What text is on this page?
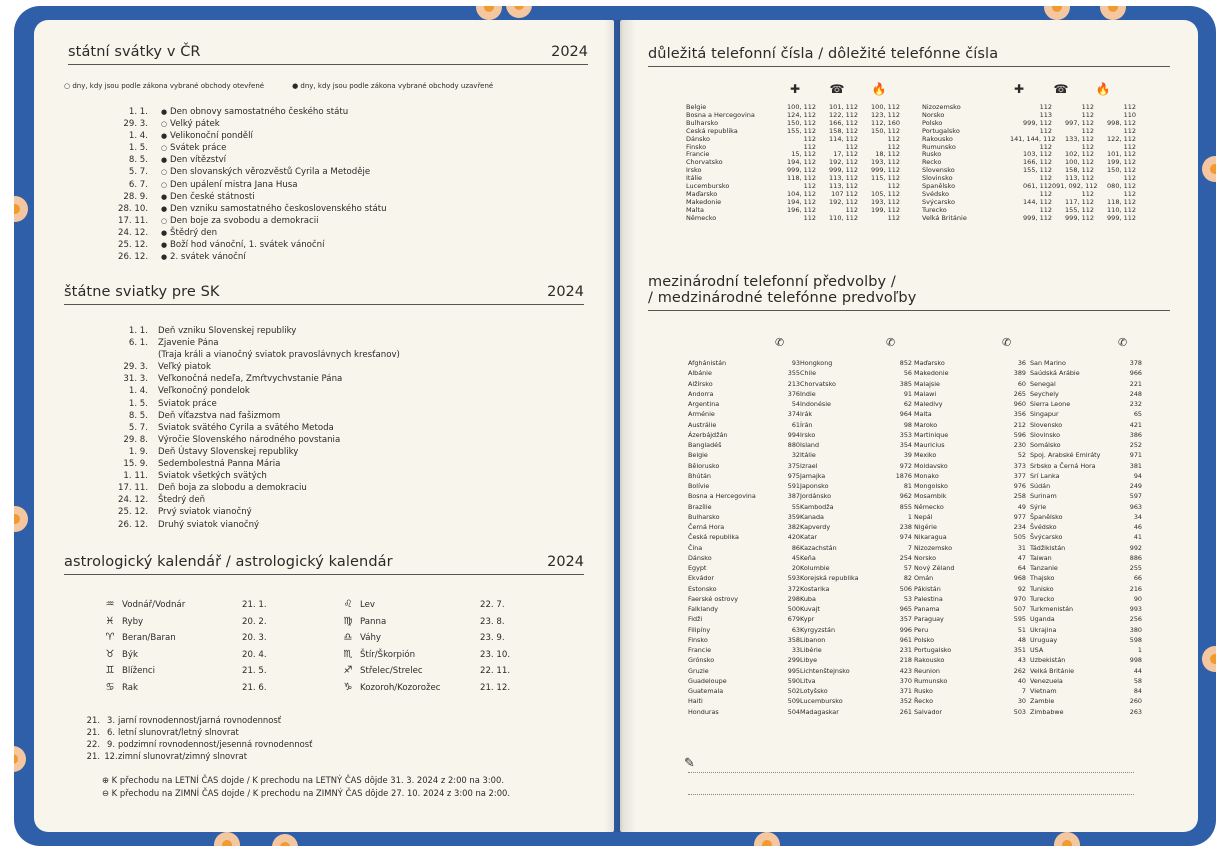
státní svátky v ČR	2024
○ dny, kdy jsou podle zákona vybrané obchody otevřené	● dny, kdy jsou podle zákona vybrané obchody uzavřené
1. 1.	● Den obnovy samostatného českého státu
29. 3.	○ Velký pátek
1. 4.	● Velikonoční pondělí
1. 5.	○ Svátek práce
8. 5.	● Den vítězství
5. 7.	○ Den slovanských věrozvěstů Cyrila a Metoděje
6. 7.	○ Den upálení mistra Jana Husa
28. 9.	● Den české státnosti
28. 10.	● Den vzniku samostatného československého státu
17. 11.	○ Den boje za svobodu a demokracii
24. 12.	● Štědrý den
25. 12.	● Boží hod vánoční, 1. svátek vánoční
26. 12.	● 2. svátek vánoční
štátne sviatky pre SK	2024
1. 1.	Deň vzniku Slovenskej republiky
6. 1.	Zjavenie Pána
(Traja králi a vianočný sviatok pravoslávnych kresťanov)
29. 3.	Veľký piatok
31. 3.	Veľkonočná nedeľa, Zmŕtvychvstanie Pána
1. 4.	Veľkonočný pondelok
1. 5.	Sviatok práce
8. 5.	Deň víťazstva nad fašizmom
5. 7.	Sviatok svätého Cyrila a svätého Metoda
29. 8.	Výročie Slovenského národného povstania
1. 9.	Deň Ústavy Slovenskej republiky
15. 9.	Sedembolestná Panna Mária
1. 11.	Sviatok všetkých svätých
17. 11.	Deň boja za slobodu a demokraciu
24. 12.	Štedrý deň
25. 12.	Prvý sviatok vianočný
26. 12.	Druhý sviatok vianočný
astrologický kalendář / astrologický kalendár	2024
♒ Vodnář/Vodnár	21. 1.
♓ Ryby	20. 2.
♈ Beran/Baran	20. 3.
♉ Býk	20. 4.
♊ Blíženci	21. 5.
♋ Rak	21. 6.
♌ Lev	22. 7.
♍ Panna	23. 8.
♎ Váhy	23. 9.
♏ Štír/Škorpión	23. 10.
♐ Střelec/Strelec	22. 11.
♑ Kozoroh/Kozorožec	21. 12.
21. 3. jarní rovnodennost/jarná rovnodennosť
21. 6. letní slunovrat/letný slnovrat
22. 9. podzimní rovnodennost/jesenná rovnodennosť
21. 12. zimní slunovrat/zimný slnovrat
⊕ K přechodu na LETNÍ ČAS dojde / K prechodu na LETNÝ ČAS dôjde 31. 3. 2024 z 2:00 na 3:00.
⊖ K přechodu na ZIMNÍ ČAS dojde / K prechodu na ZIMNÝ ČAS dôjde 27. 10. 2024 z 3:00 na 2:00.
důležitá telefonní čísla / dôležité telefónne čísla
✚	☎	🔥	✚	☎	🔥
Belgie	100, 112	101, 112	100, 112
Bosna a Hercegovina	124, 112	122, 112	123, 112
Bulharsko	150, 112	166, 112	112, 160
Česká republika	155, 112	158, 112	150, 112
Dánsko	112	114, 112	112
Finsko	112	112	112
Francie	15, 112	17, 112	18, 112
Chorvatsko	194, 112	192, 112	193, 112
Irsko	999, 112	999, 112	999, 112
Itálie	118, 112	113, 112	115, 112
Lucembursko	112	113, 112	112
Maďarsko	104, 112	107 112	105, 112
Makedonie	194, 112	192, 112	193, 112
Malta	196, 112	112	199, 112
Německo	112	110, 112	112
Nizozemsko	112	112	112
Norsko	113	112	110
Polsko	999, 112	997, 112	998, 112
Portugalsko	112	112	112
Rakousko	141, 144, 112	133, 112	122, 112
Rumunsko	112	112	112
Rusko	103, 112	102, 112	101, 112
Řecko	166, 112	100, 112	199, 112
Slovensko	155, 112	158, 112	150, 112
Slovinsko	112	113, 112	112
Španělsko	061, 112 091, 092, 112	080, 112
Švédsko	112	112	112
Švýcarsko	144, 112	117, 112	118, 112
Turecko	112	155, 112	110, 112
Velká Británie	999, 112	999, 112	999, 112
mezinárodní telefonní předvolby /
/ medzinárodné telefónne predvoľby
✆	✆	✆	✆
Afghánistán	93
Albánie	355
Alžírsko	213
Andorra	376
Argentina	54
Arménie	374
Austrálie	61
Ázerbájdžán	994
Bangladéš	880
Belgie	32
Bělorusko	375
Bhútán	975
Bolívie	591
Bosna a Hercegovina	387
Brazílie	55
Bulharsko	359
Černá Hora	382
Česká republika	420
Čína	86
Dánsko	45
Egypt	20
Ekvádor	593
Estonsko	372
Faerské ostrovy	298
Falklandy	500
Fidži	679
Filipíny	63
Finsko	358
Francie	33
Grónsko	299
Gruzie	995
Guadeloupe	590
Guatemala	502
Haiti	509
Honduras	504
Hongkong	852
Chile	56
Chorvatsko	385
Indie	91
Indonésie	62
Irák	964
Írán	98
Irsko	353
Island	354
Itálie	39
Izrael	972
Jamajka	1876
Japonsko	81
Jordánsko	962
Kambodža	855
Kanada	1
Kapverdy	238
Katar	974
Kazachstán	7
Keňa	254
Kolumbie	57
Korejská republika	82
Kostarika	506
Kuba	53
Kuvajt	965
Kypr	357
Kyrgyzstán	996
Libanon	961
Libérie	231
Libye	218
Lichtenštejnsko	423
Litva	370
Lotyšsko	371
Lucembursko	352
Madagaskar	261
Maďarsko	36
Makedonie	389
Malajsie	60
Malawi	265
Maledivy	960
Malta	356
Maroko	212
Martinique	596
Mauricius	230
Mexiko	52
Moldavsko	373
Monako	377
Mongolsko	976
Mosambik	258
Německo	49
Nepál	977
Nigérie	234
Nikaragua	505
Nizozemsko	31
Norsko	47
Nový Zéland	64
Omán	968
Pákistán	92
Palestina	970
Panama	507
Paraguay	595
Peru	51
Polsko	48
Portugalsko	351
Rakousko	43
Reunion	262
Rumunsko	40
Rusko	7
Řecko	30
Salvador	503
San Marino	378
Saúdská Arábie	966
Senegal	221
Seychely	248
Sierra Leone	232
Singapur	65
Slovensko	421
Slovinsko	386
Somálsko	252
Spoj. Arabské Emiráty	971
Srbsko a Černá Hora	381
Srí Lanka	94
Súdán	249
Surinam	597
Sýrie	963
Španělsko	34
Švédsko	46
Švýcarsko	41
Tádžikistán	992
Taiwan	886
Tanzanie	255
Thajsko	66
Tunisko	216
Turecko	90
Turkmenistán	993
Uganda	256
Ukrajina	380
Uruguay	598
USA	1
Uzbekistán	998
Velká Británie	44
Venezuela	58
Vietnam	84
Zambie	260
Zimbabwe	263
✎
